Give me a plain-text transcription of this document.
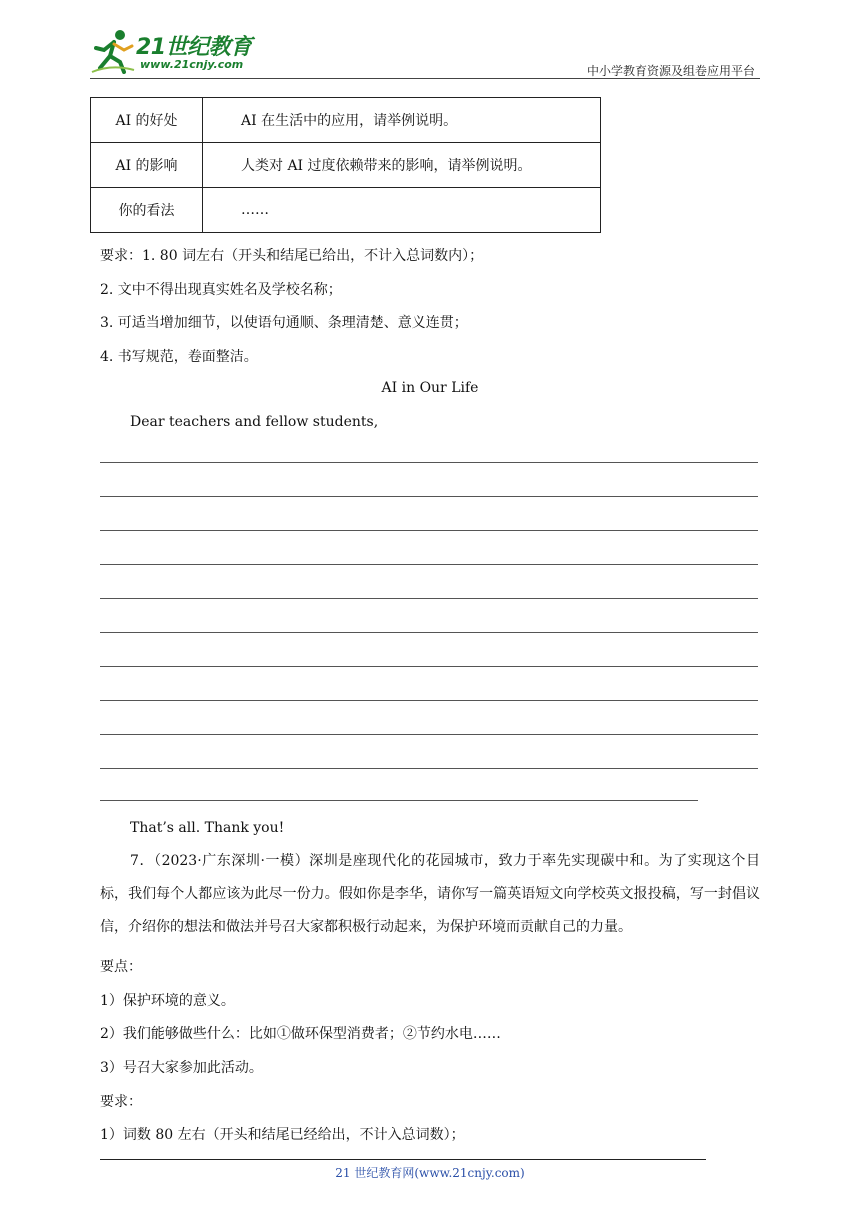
21世纪教育
www.21cnjy.com	中小学教育资源及组卷应用平台
AI 的好处	AI 在生活中的应用，请举例说明。
AI 的影响	人类对 AI 过度依赖带来的影响，请举例说明。
你的看法	……
要求：1. 80 词左右（开头和结尾已给出，不计入总词数内）；
2. 文中不得出现真实姓名及学校名称；
3. 可适当增加细节，以使语句通顺、条理清楚、意义连贯；
4. 书写规范，卷面整洁。
AI in Our Life
Dear teachers and fellow students,
That’s all. Thank you!
7．（2023·广东深圳·一模）深圳是座现代化的花园城市，致力于率先实现碳中和。为了实现这个目标，我们每个人都应该为此尽一份力。假如你是李华，请你写一篇英语短文向学校英文报投稿，写一封倡议信，介绍你的想法和做法并号召大家都积极行动起来，为保护环境而贡献自己的力量。
要点：
1）保护环境的意义。
2）我们能够做些什么：比如①做环保型消费者；②节约水电……
3）号召大家参加此活动。
要求：
1）词数 80 左右（开头和结尾已经给出，不计入总词数）；
21 世纪教育网(www.21cnjy.com)
